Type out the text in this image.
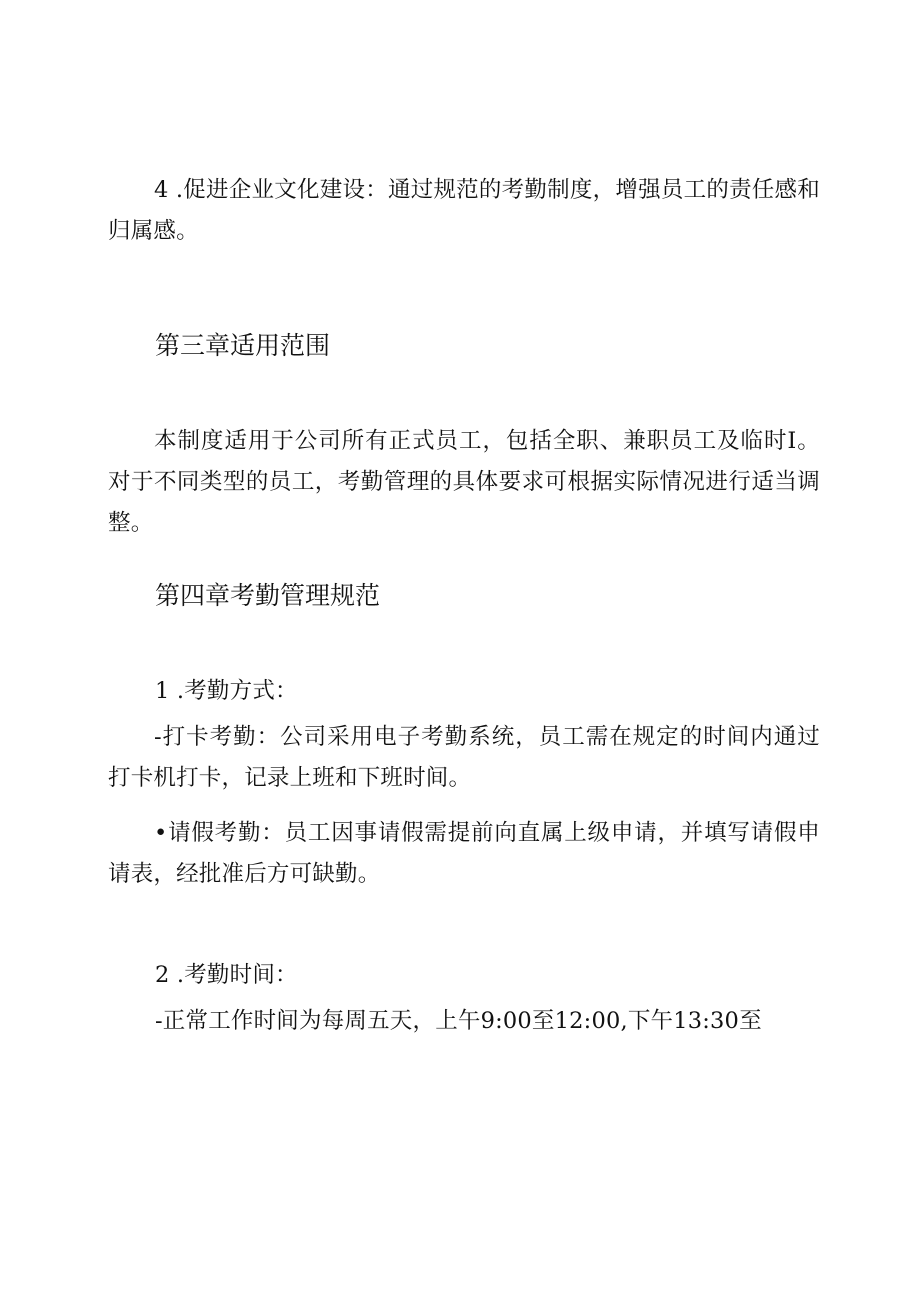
4 .促进企业文化建设：通过规范的考勤制度，增强员工的责任感和归属感。

第三章适用范围

本制度适用于公司所有正式员工，包括全职、兼职员工及临时I。对于不同类型的员工，考勤管理的具体要求可根据实际情况进行适当调整。

第四章考勤管理规范

1 .考勤方式：

-打卡考勤：公司采用电子考勤系统，员工需在规定的时间内通过打卡机打卡，记录上班和下班时间。

•请假考勤：员工因事请假需提前向直属上级申请，并填写请假申请表，经批准后方可缺勤。

2 .考勤时间：

-正常工作时间为每周五天，上午9:00至12:00,下午13:30至
